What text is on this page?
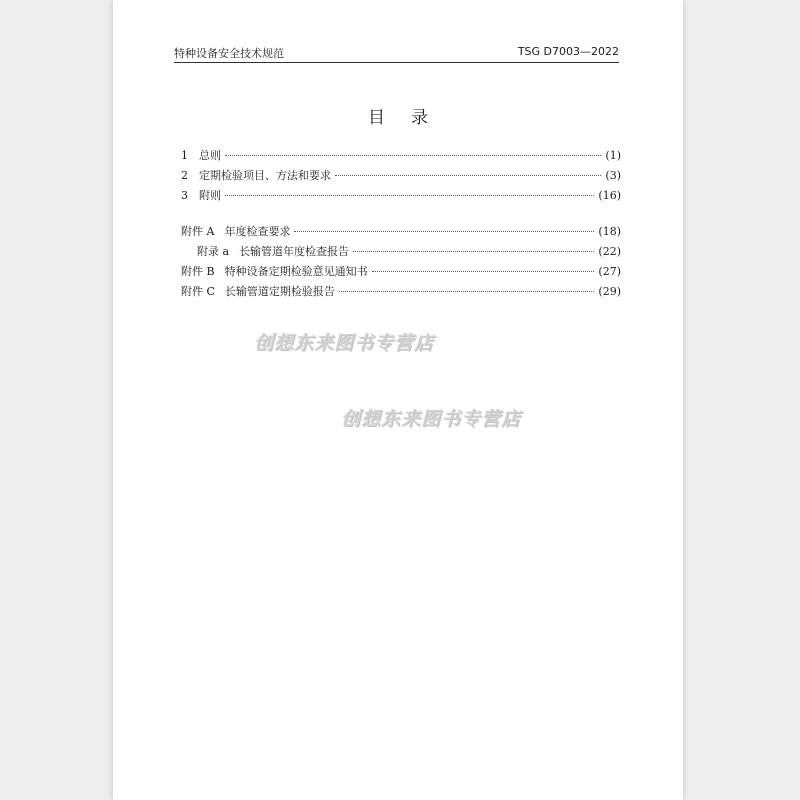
特种设备安全技术规范	TSG D7003—2022
目录
1	总则	(1)
2	定期检验项目、方法和要求	(3)
3	附则	(16)
附件 A 年度检查要求	(18)
附录 a 长输管道年度检查报告	(22)
附件 B 特种设备定期检验意见通知书	(27)
附件 C 长输管道定期检验报告	(29)
创想东来图书专营店
创想东来图书专营店
